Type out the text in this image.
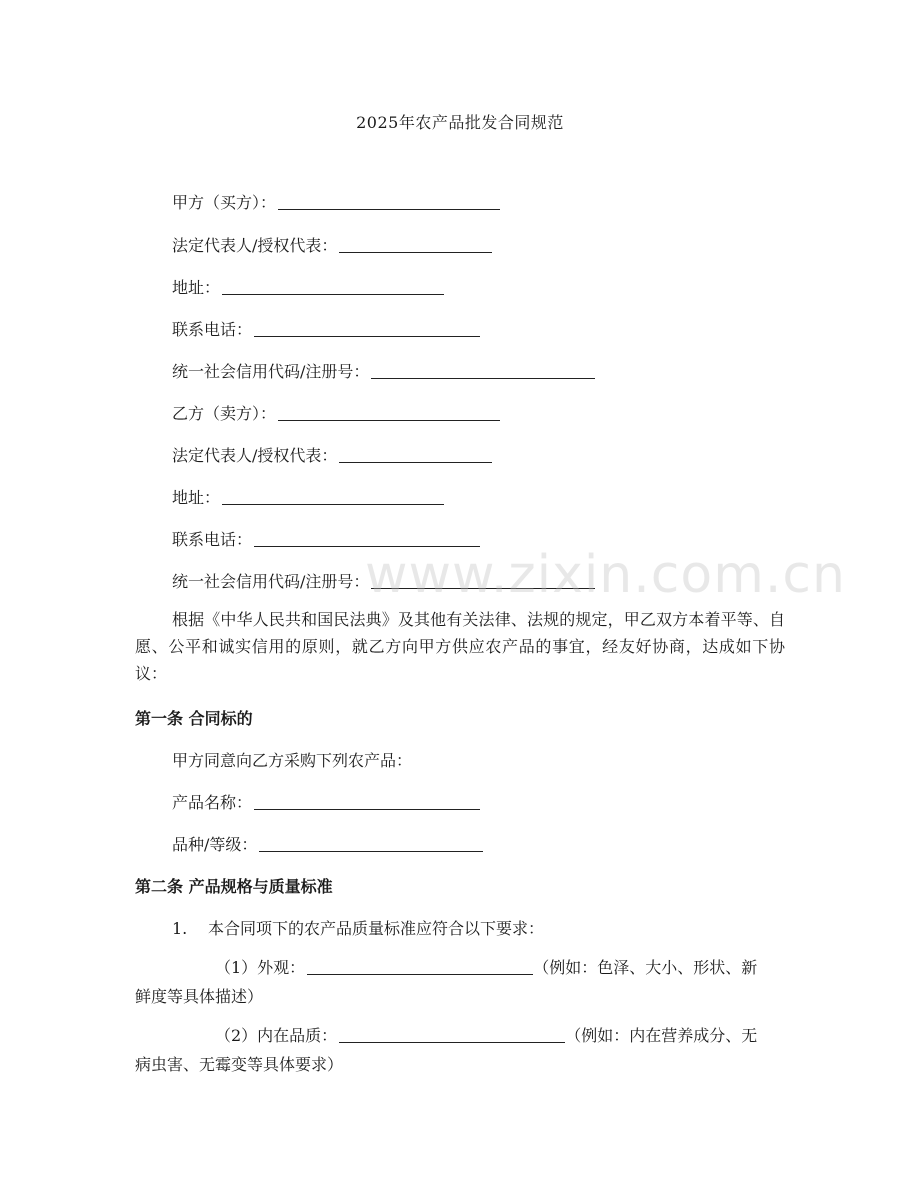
2025年农产品批发合同规范
甲方（买方）：
法定代表人/授权代表：
地址：
联系电话：
统一社会信用代码/注册号：
乙方（卖方）：
法定代表人/授权代表：
地址：
联系电话：
统一社会信用代码/注册号：
根据《中华人民共和国民法典》及其他有关法律、法规的规定，甲乙双方本着平等、自愿、公平和诚实信用的原则，就乙方向甲方供应农产品的事宜，经友好协商，达成如下协议：
第一条 合同标的
甲方同意向乙方采购下列农产品：
产品名称：
品种/等级：
第二条 产品规格与质量标准
1. 本合同项下的农产品质量标准应符合以下要求：
（1）外观：	（例如：色泽、大小、形状、新
鲜度等具体描述）
（2）内在品质：	（例如：内在营养成分、无
病虫害、无霉变等具体要求）
www.zixin.com.cn
